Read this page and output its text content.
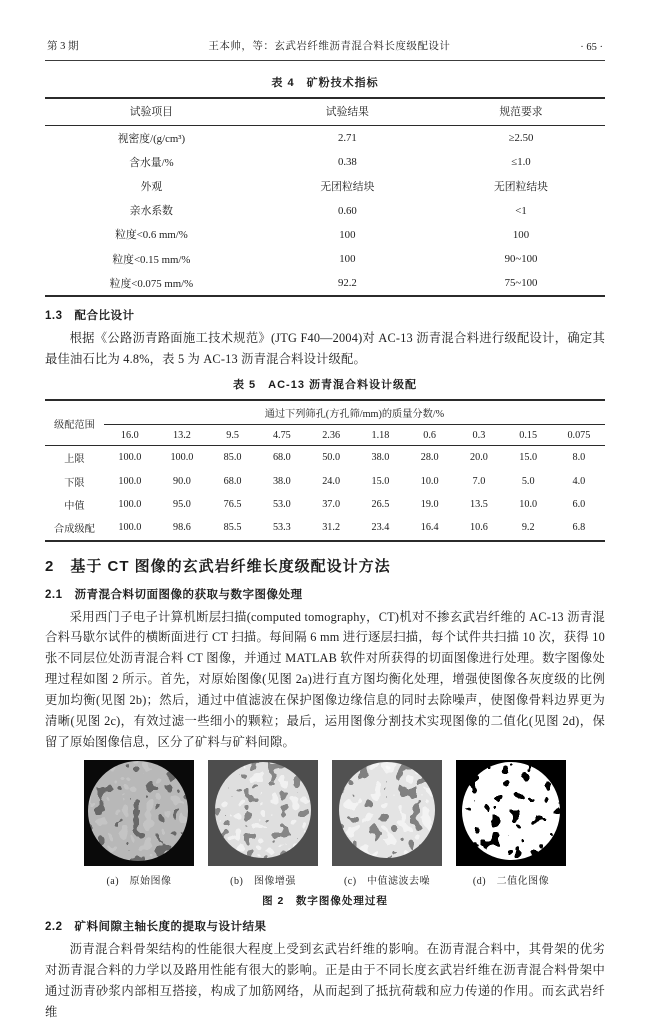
第 3 期	王本帅，等：玄武岩纤维沥青混合料长度级配设计	· 65 ·
表 4　矿粉技术指标
试验项目	试验结果	规范要求
视密度/(g/cm³)	2.71	≥2.50
含水量/%	0.38	≤1.0
外观	无团粒结块	无团粒结块
亲水系数	0.60	<1
粒度<0.6 mm/%	100	100
粒度<0.15 mm/%	100	90~100
粒度<0.075 mm/%	92.2	75~100
1.3　配合比设计

根据《公路沥青路面施工技术规范》(JTG F40—2004)对 AC-13 沥青混合料进行级配设计，确定其最佳油石比为 4.8%，表 5 为 AC-13 沥青混合料设计级配。

表 5　AC-13 沥青混合料设计级配
级配范围	通过下列筛孔(方孔筛/mm)的质量分数/%									
	16.0	13.2	9.5	4.75	2.36	1.18	0.6	0.3	0.15	0.075
上限	100.0	100.0	85.0	68.0	50.0	38.0	28.0	20.0	15.0	8.0
下限	100.0	90.0	68.0	38.0	24.0	15.0	10.0	7.0	5.0	4.0
中值	100.0	95.0	76.5	53.0	37.0	26.5	19.0	13.5	10.0	6.0
合成级配	100.0	98.6	85.5	53.3	31.2	23.4	16.4	10.6	9.2	6.8
2　基于 CT 图像的玄武岩纤维长度级配设计方法
2.1　沥青混合料切面图像的获取与数字图像处理

采用西门子电子计算机断层扫描(computed tomography，CT)机对不掺玄武岩纤维的 AC-13 沥青混合料马歇尔试件的横断面进行 CT 扫描。每间隔 6 mm 进行逐层扫描，每个试件共扫描 10 次，获得 10 张不同层位处沥青混合料 CT 图像，并通过 MATLAB 软件对所获得的切面图像进行处理。数字图像处理过程如图 2 所示。首先，对原始图像(见图 2a)进行直方图均衡化处理，增强使图像各灰度级的比例更加均衡(见图 2b)；然后，通过中值滤波在保护图像边缘信息的同时去除噪声，使图像骨料边界更为清晰(见图 2c)，有效过滤一些细小的颗粒；最后，运用图像分割技术实现图像的二值化(见图 2d)，保留了原始图像信息，区分了矿料与矿料间隙。

(a)　原始图像	(b)　图像增强	(c)　中值滤波去噪	(d)　二值化图像
图 2　数字图像处理过程
2.2　矿料间隙主轴长度的提取与设计结果

沥青混合料骨架结构的性能很大程度上受到玄武岩纤维的影响。在沥青混合料中，其骨架的优劣对沥青混合料的力学以及路用性能有很大的影响。正是由于不同长度玄武岩纤维在沥青混合料骨架中通过沥青砂浆内部相互搭接，构成了加筋网络，从而起到了抵抗荷载和应力传递的作用。而玄武岩纤维
